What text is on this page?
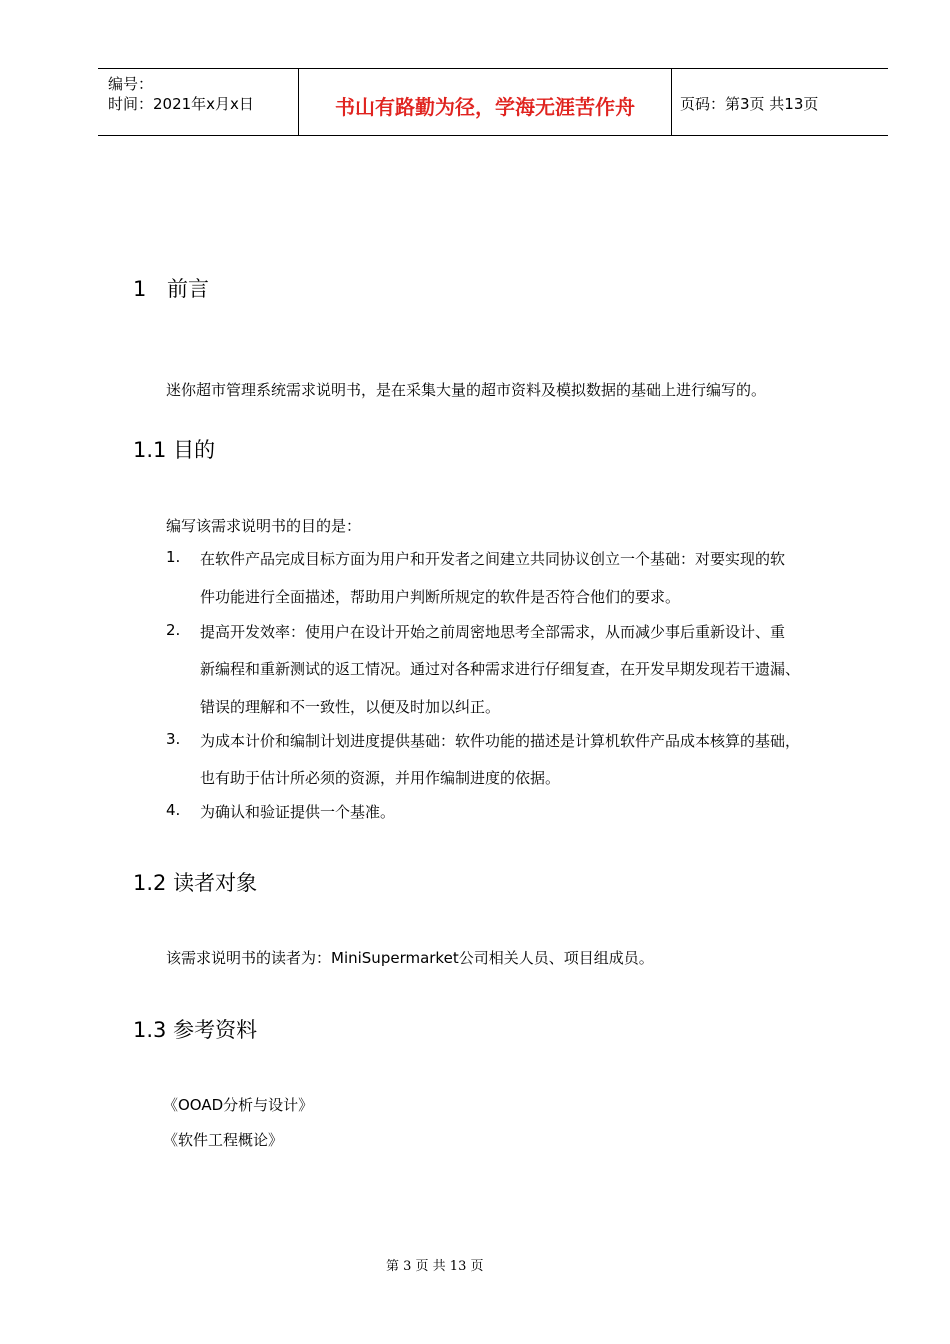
编号：
时间：2021年x月x日	书山有路勤为径，学海无涯苦作舟	页码：第3页 共13页
1 前言
迷你超市管理系统需求说明书，是在采集大量的超市资料及模拟数据的基础上进行编写的。
1.1 目的
编写该需求说明书的目的是：
1. 在软件产品完成目标方面为用户和开发者之间建立共同协议创立一个基础：对要实现的软
件功能进行全面描述，帮助用户判断所规定的软件是否符合他们的要求。
2. 提高开发效率：使用户在设计开始之前周密地思考全部需求，从而减少事后重新设计、重
新编程和重新测试的返工情况。通过对各种需求进行仔细复查，在开发早期发现若干遗漏、
错误的理解和不一致性，以便及时加以纠正。
3. 为成本计价和编制计划进度提供基础：软件功能的描述是计算机软件产品成本核算的基础，
也有助于估计所必须的资源，并用作编制进度的依据。
4. 为确认和验证提供一个基准。
1.2 读者对象
该需求说明书的读者为：MiniSupermarket公司相关人员、项目组成员。
1.3 参考资料
《OOAD分析与设计》
《软件工程概论》
第 3 页 共 13 页
